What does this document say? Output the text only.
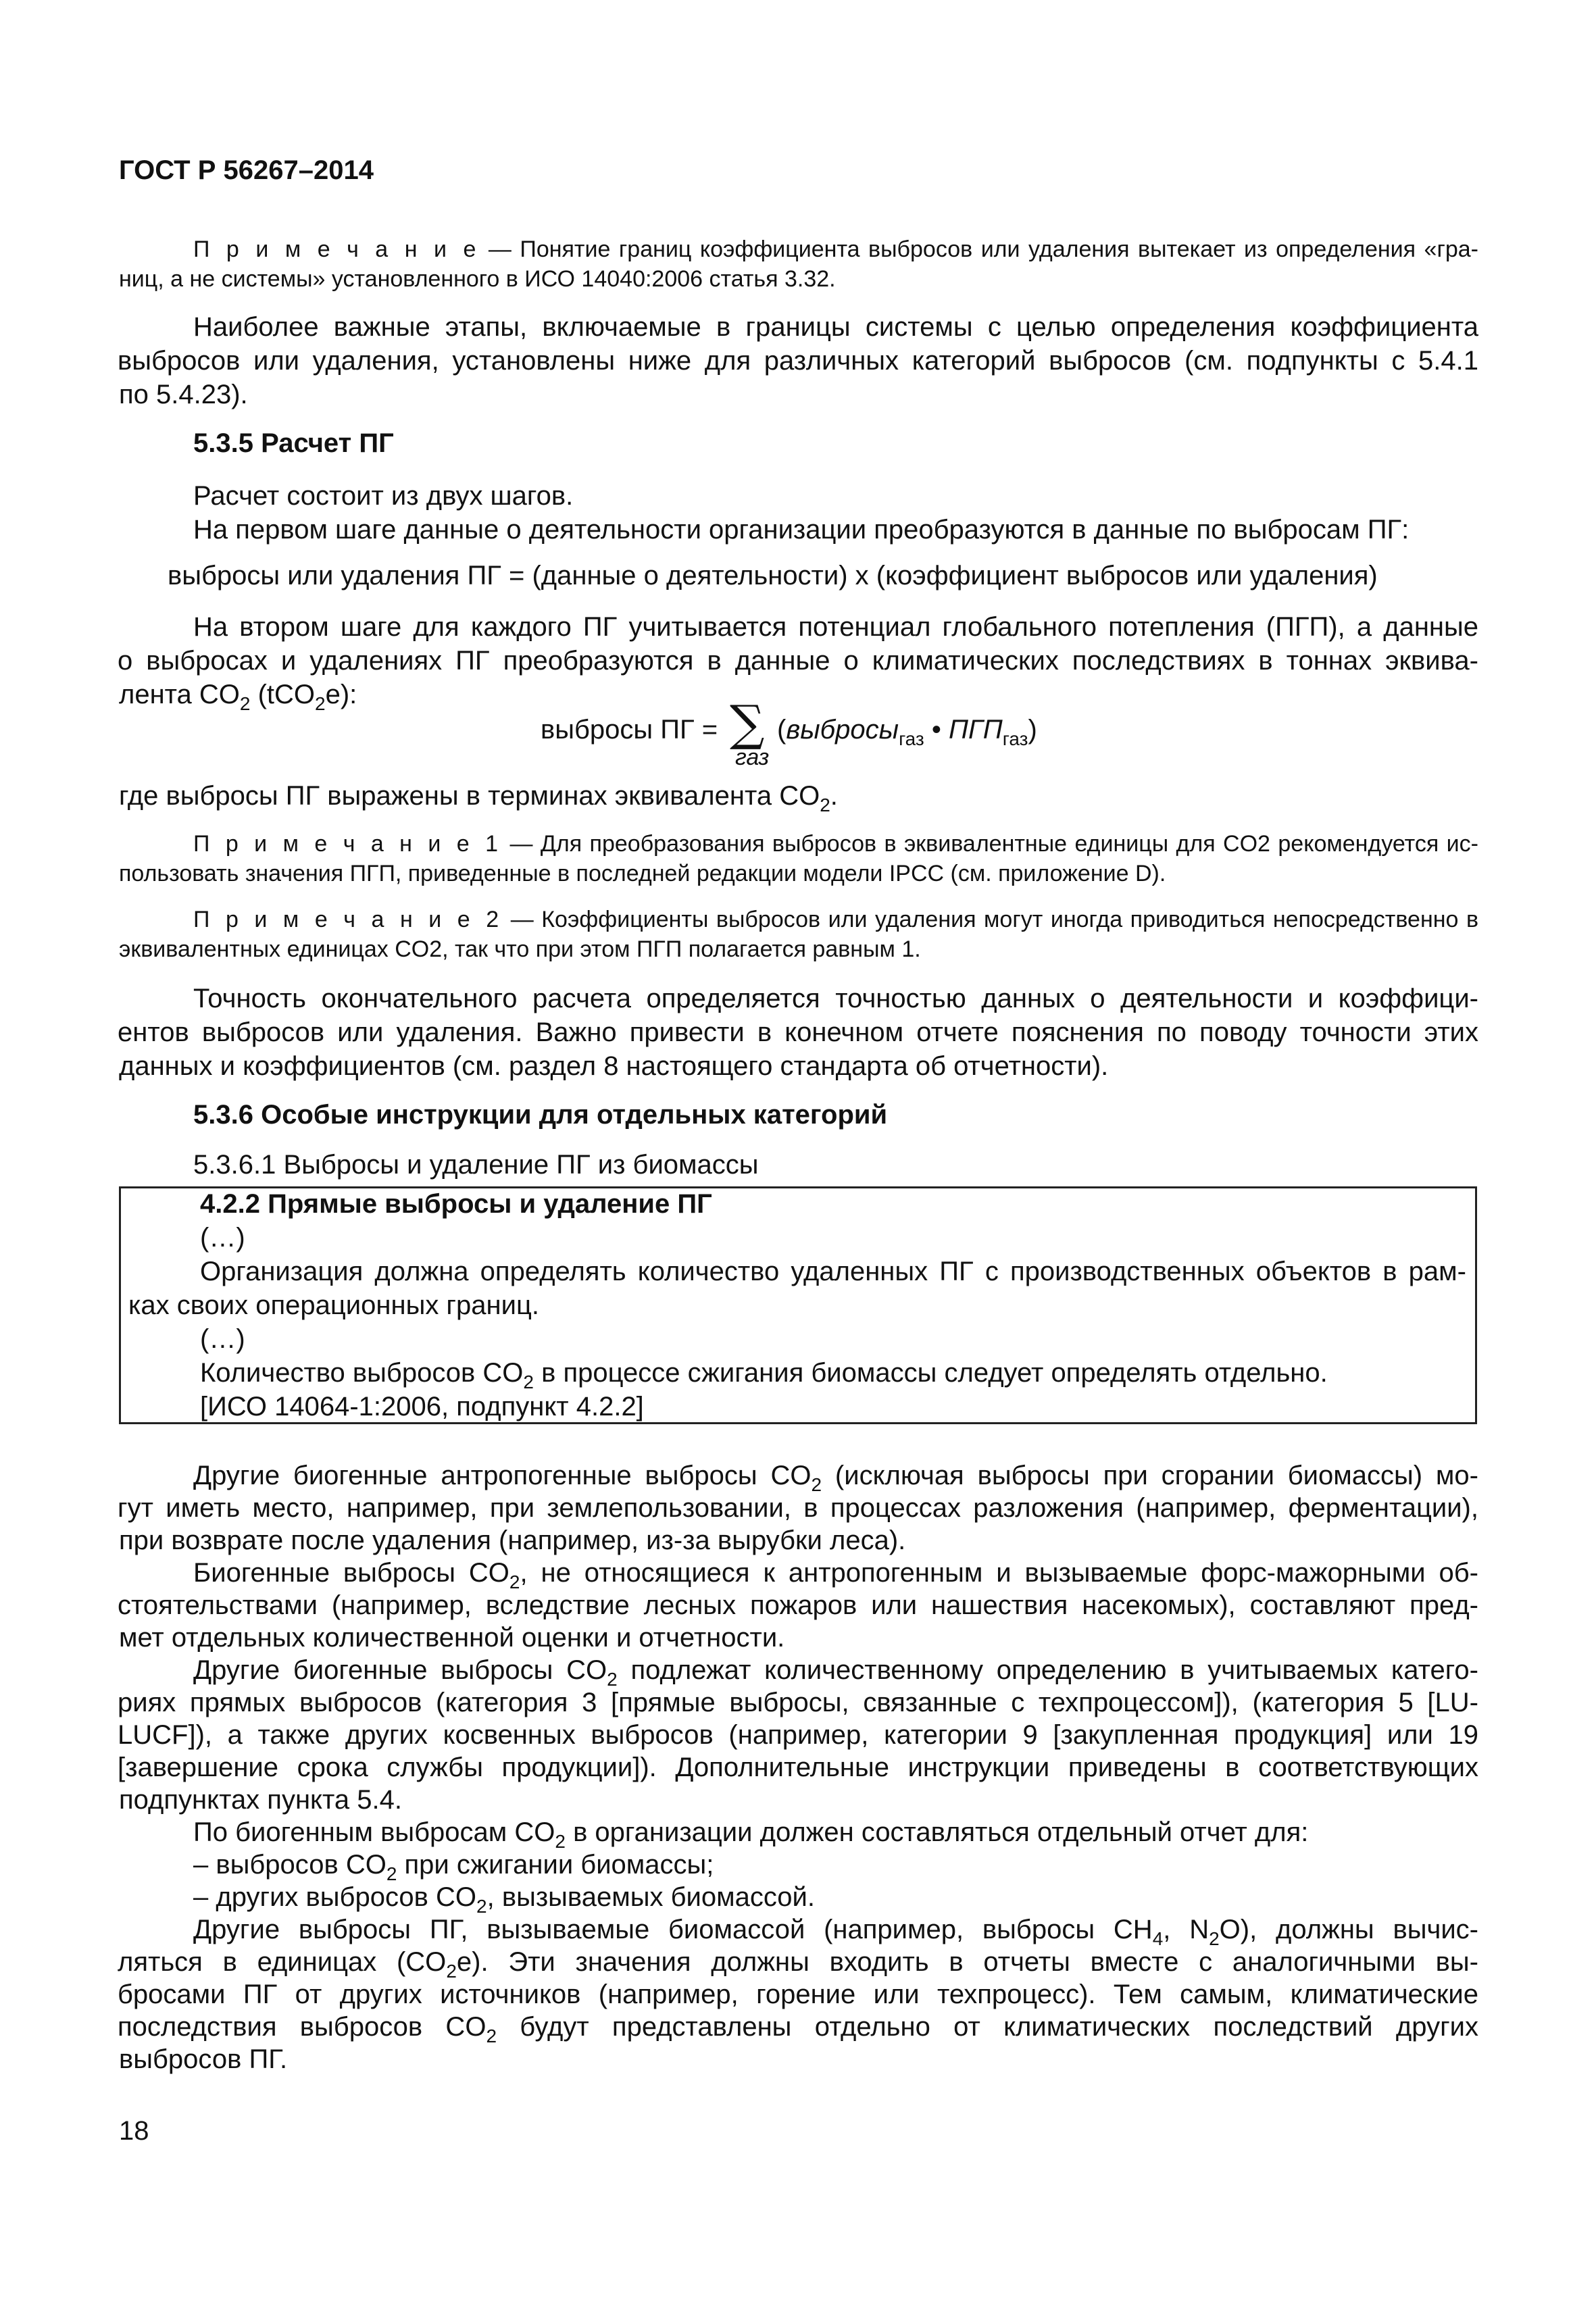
ГОСТ Р 56267–2014
П р и м е ч а н и е — Понятие границ коэффициента выбросов или удаления вытекает из определения «гра-
ниц, а не системы» установленного в ИСО 14040:2006 статья 3.32.
Наиболее важные этапы, включаемые в границы системы с целью определения коэффициента
выбросов или удаления, установлены ниже для различных категорий выбросов (см. подпункты с 5.4.1
по 5.4.23).
5.3.5 Расчет ПГ
Расчет состоит из двух шагов.
На первом шаге данные о деятельности организации преобразуются в данные по выбросам ПГ:
выбросы или удаления ПГ = (данные о деятельности) х (коэффициент выбросов или удаления)
На втором шаге для каждого ПГ учитывается потенциал глобального потепления (ПГП), а данные
о выбросах и удалениях ПГ преобразуются в данные о климатических последствиях в тоннах эквива-
лента $CO_2$ (tCO$_2$e):
выбросы ПГ = ∑
газ
(выбросы$_{газ}$ • $ПГП_{газ}$)
где выбросы ПГ выражены в терминах эквивалента $CO_2$.
П р и м е ч а н и е 1 — Для преобразования выбросов в эквивалентные единицы для CO2 рекомендуется ис-
пользовать значения ПГП, приведенные в последней редакции модели IPCC (см. приложение D).
П р и м е ч а н и е 2 — Коэффициенты выбросов или удаления могут иногда приводиться непосредственно в
эквивалентных единицах CO2, так что при этом ПГП полагается равным 1.
Точность окончательного расчета определяется точностью данных о деятельности и коэффици-
ентов выбросов или удаления. Важно привести в конечном отчете пояснения по поводу точности этих
данных и коэффициентов (см. раздел 8 настоящего стандарта об отчетности).
5.3.6 Особые инструкции для отдельных категорий
5.3.6.1 Выбросы и удаление ПГ из биомассы
4.2.2 Прямые выбросы и удаление ПГ
(…)
Организация должна определять количество удаленных ПГ с производственных объектов в рам-
ках своих операционных границ.
(…)
Количество выбросов $CO_2$ в процессе сжигания биомассы следует определять отдельно.
[ИСО 14064-1:2006, подпункт 4.2.2]
Другие биогенные антропогенные выбросы $CO_2$ (исключая выбросы при сгорании биомассы) мо-
гут иметь место, например, при землепользовании, в процессах разложения (например, ферментации),
при возврате после удаления (например, из-за вырубки леса).
Биогенные выбросы $CO_2$, не относящиеся к антропогенным и вызываемые форс-мажорными об-
стоятельствами (например, вследствие лесных пожаров или нашествия насекомых), составляют пред-
мет отдельных количественной оценки и отчетности.
Другие биогенные выбросы $CO_2$ подлежат количественному определению в учитываемых катего-
риях прямых выбросов (категория 3 [прямые выбросы, связанные с техпроцессом]), (категория 5 [LU-
LUCF]), а также других косвенных выбросов (например, категории 9 [закупленная продукция] или 19
[завершение срока службы продукции]). Дополнительные инструкции приведены в соответствующих
подпунктах пункта 5.4.
По биогенным выбросам $CO_2$ в организации должен составляться отдельный отчет для:
– выбросов $CO_2$ при сжигании биомассы;
– других выбросов $CO_2$, вызываемых биомассой.
Другие выбросы ПГ, вызываемые биомассой (например, выбросы $CH_4$, $N_2O$), должны вычис-
ляться в единицах $(CO_2e)$. Эти значения должны входить в отчеты вместе с аналогичными вы-
бросами ПГ от других источников (например, горение или техпроцесс). Тем самым, климатические
последствия выбросов $CO_2$ будут представлены отдельно от климатических последствий других
выбросов ПГ.
18
